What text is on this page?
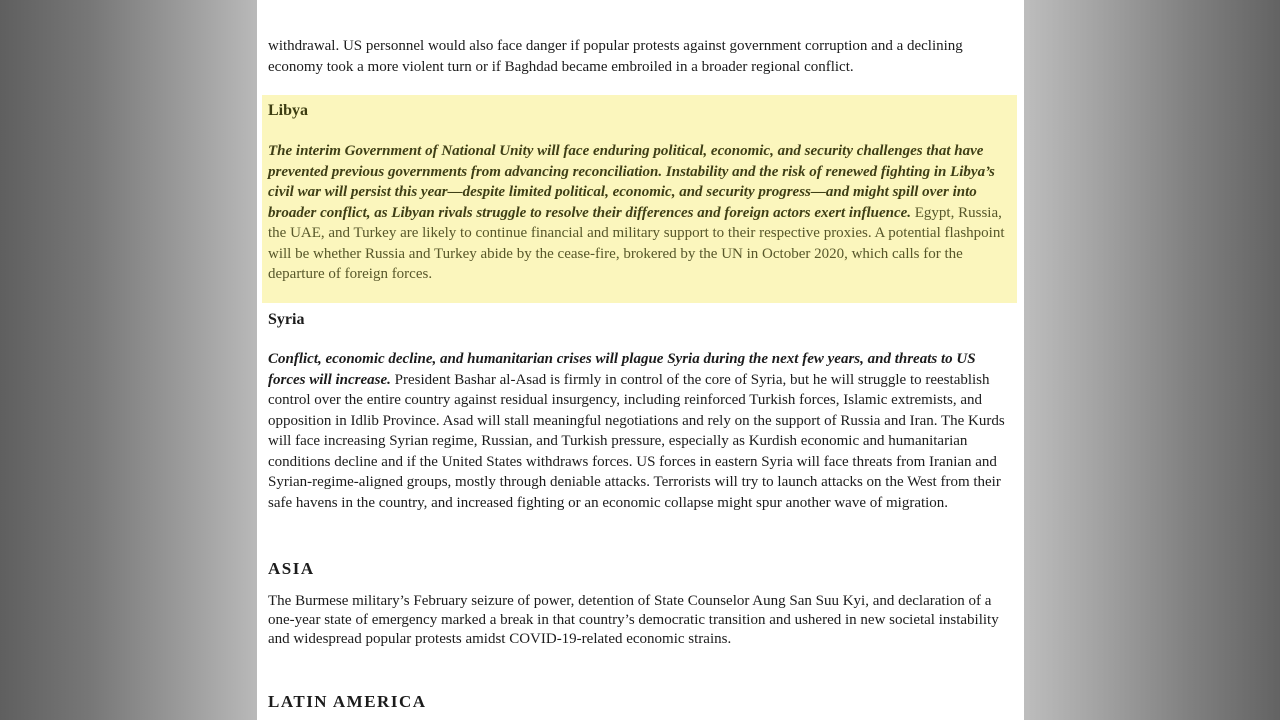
withdrawal. US personnel would also face danger if popular protests against government corruption and a declining economy took a more violent turn or if Baghdad became embroiled in a broader regional conflict.

Libya

The interim Government of National Unity will face enduring political, economic, and security challenges that have prevented previous governments from advancing reconciliation. Instability and the risk of renewed fighting in Libya’s civil war will persist this year—despite limited political, economic, and security progress—and might spill over into broader conflict, as Libyan rivals struggle to resolve their differences and foreign actors exert influence. Egypt, Russia, the UAE, and Turkey are likely to continue financial and military support to their respective proxies. A potential flashpoint will be whether Russia and Turkey abide by the cease-fire, brokered by the UN in October 2020, which calls for the departure of foreign forces.

Syria

Conflict, economic decline, and humanitarian crises will plague Syria during the next few years, and threats to US forces will increase. President Bashar al-Asad is firmly in control of the core of Syria, but he will struggle to reestablish control over the entire country against residual insurgency, including reinforced Turkish forces, Islamic extremists, and opposition in Idlib Province. Asad will stall meaningful negotiations and rely on the support of Russia and Iran. The Kurds will face increasing Syrian regime, Russian, and Turkish pressure, especially as Kurdish economic and humanitarian conditions decline and if the United States withdraws forces. US forces in eastern Syria will face threats from Iranian and Syrian-regime-aligned groups, mostly through deniable attacks. Terrorists will try to launch attacks on the West from their safe havens in the country, and increased fighting or an economic collapse might spur another wave of migration.

ASIA

The Burmese military’s February seizure of power, detention of State Counselor Aung San Suu Kyi, and declaration of a one-year state of emergency marked a break in that country’s democratic transition and ushered in new societal instability and widespread popular protests amidst COVID-19-related economic strains.

LATIN AMERICA
